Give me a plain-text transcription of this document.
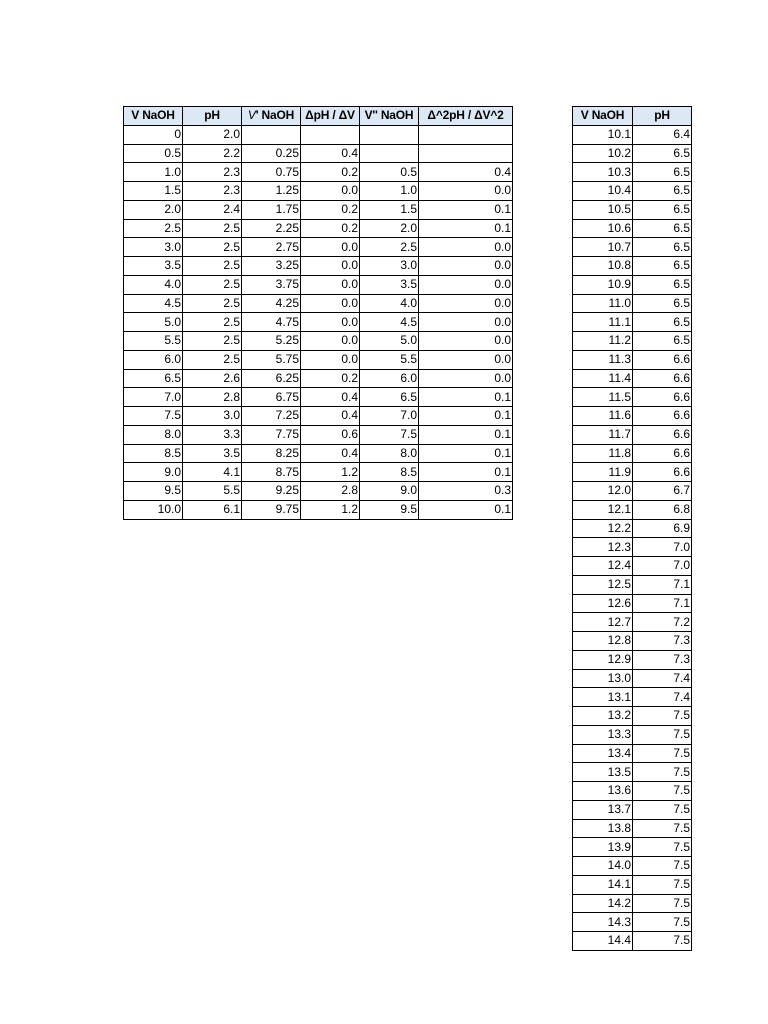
V NaOH	pH	V' NaOH	ΔpH / ΔV	V'' NaOH	Δ^2pH / ΔV^2
0	2.0				
0.5	2.2	0.25	0.4		
1.0	2.3	0.75	0.2	0.5	0.4
1.5	2.3	1.25	0.0	1.0	0.0
2.0	2.4	1.75	0.2	1.5	0.1
2.5	2.5	2.25	0.2	2.0	0.1
3.0	2.5	2.75	0.0	2.5	0.0
3.5	2.5	3.25	0.0	3.0	0.0
4.0	2.5	3.75	0.0	3.5	0.0
4.5	2.5	4.25	0.0	4.0	0.0
5.0	2.5	4.75	0.0	4.5	0.0
5.5	2.5	5.25	0.0	5.0	0.0
6.0	2.5	5.75	0.0	5.5	0.0
6.5	2.6	6.25	0.2	6.0	0.0
7.0	2.8	6.75	0.4	6.5	0.1
7.5	3.0	7.25	0.4	7.0	0.1
8.0	3.3	7.75	0.6	7.5	0.1
8.5	3.5	8.25	0.4	8.0	0.1
9.0	4.1	8.75	1.2	8.5	0.1
9.5	5.5	9.25	2.8	9.0	0.3
10.0	6.1	9.75	1.2	9.5	0.1
V NaOH	pH
10.1	6.4
10.2	6.5
10.3	6.5
10.4	6.5
10.5	6.5
10.6	6.5
10.7	6.5
10.8	6.5
10.9	6.5
11.0	6.5
11.1	6.5
11.2	6.5
11.3	6.6
11.4	6.6
11.5	6.6
11.6	6.6
11.7	6.6
11.8	6.6
11.9	6.6
12.0	6.7
12.1	6.8
12.2	6.9
12.3	7.0
12.4	7.0
12.5	7.1
12.6	7.1
12.7	7.2
12.8	7.3
12.9	7.3
13.0	7.4
13.1	7.4
13.2	7.5
13.3	7.5
13.4	7.5
13.5	7.5
13.6	7.5
13.7	7.5
13.8	7.5
13.9	7.5
14.0	7.5
14.1	7.5
14.2	7.5
14.3	7.5
14.4	7.5
